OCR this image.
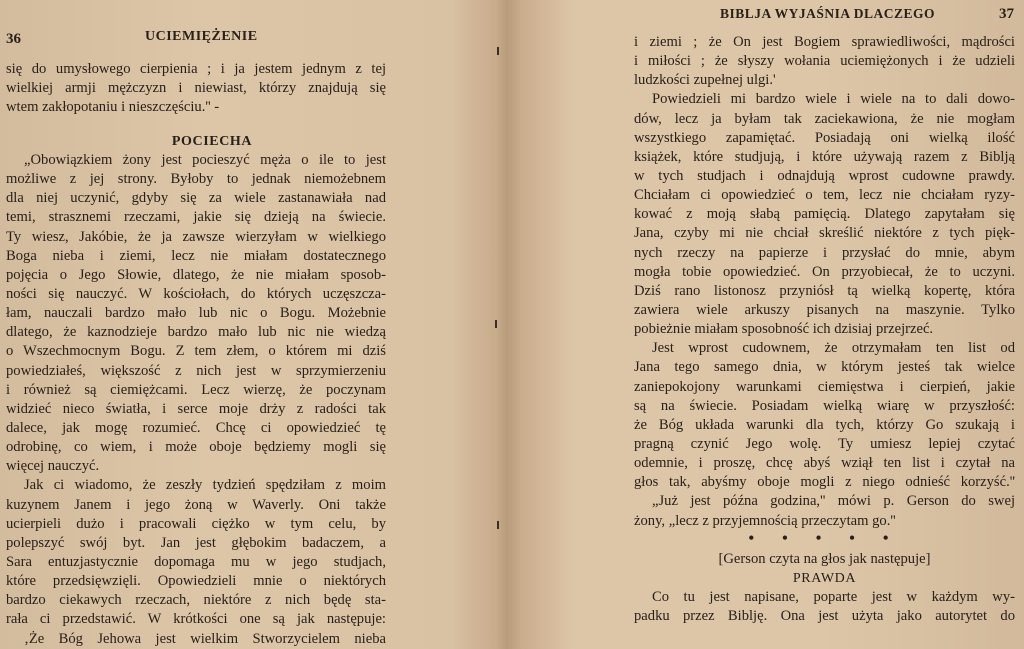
36	UCIEMIĘŻENIE
się do umysłowego cierpienia ; i ja jestem jednym z tej
wielkiej armji mężczyzn i niewiast, którzy znajdują się
wtem zakłopotaniu i nieszczęściu.'' -
POCIECHA
„Obowiązkiem żony jest pocieszyć męża o ile to jest
możliwe z jej strony. Byłoby to jednak niemożebnem
dla niej uczynić, gdyby się za wiele zastanawiała nad
temi, strasznemi rzeczami, jakie się dzieją na świecie.
Ty wiesz, Jakóbie, że ja zawsze wierzyłam w wielkiego
Boga nieba i ziemi, lecz nie miałam dostatecznego
pojęcia o Jego Słowie, dlatego, że nie miałam sposob-
ności się nauczyć. W kościołach, do których uczęszcza-
łam, nauczali bardzo mało lub nic o Bogu. Możebnie
dlatego, że kaznodzieje bardzo mało lub nic nie wiedzą
o Wszechmocnym Bogu. Z tem złem, o którem mi dziś
powiedziałeś, większość z nich jest w sprzymierzeniu
i również są ciemiężcami. Lecz wierzę, że poczynam
widzieć nieco światła, i serce moje drży z radości tak
dalece, jak mogę rozumieć. Chcę ci opowiedzieć tę
odrobinę, co wiem, i może oboje będziemy mogli się
więcej nauczyć.
Jak ci wiadomo, że zeszły tydzień spędziłam z moim
kuzynem Janem i jego żoną w Waverly. Oni także
ucierpieli dużo i pracowali ciężko w tym celu, by
polepszyć swój byt. Jan jest głębokim badaczem, a
Sara entuzjastycznie dopomaga mu w jego studjach,
które przedsięwzięli. Opowiedzieli mnie o niektórych
bardzo ciekawych rzeczach, niektóre z nich będę sta-
rała ci przedstawić. W krótkości one są jak następuje:
‚Że Bóg Jehowa jest wielkim Stworzycielem nieba
BIBLJA WYJAŚNIA DLACZEGO	37
i ziemi ; że On jest Bogiem sprawiedliwości, mądrości
i miłości ; że słyszy wołania uciemiężonych i że udzieli
ludzkości zupełnej ulgi.'
Powiedzieli mi bardzo wiele i wiele na to dali dowo-
dów, lecz ja byłam tak zaciekawiona, że nie mogłam
wszystkiego zapamiętać. Posiadają oni wielką ilość
książek, które studjują, i które używają razem z Biblją
w tych studjach i odnajdują wprost cudowne prawdy.
Chciałam ci opowiedzieć o tem, lecz nie chciałam ryzy-
kować z moją słabą pamięcią. Dlatego zapytałam się
Jana, czyby mi nie chciał skreślić niektóre z tych pięk-
nych rzeczy na papierze i przysłać do mnie, abym
mogła tobie opowiedzieć. On przyobiecał, że to uczyni.
Dziś rano listonosz przyniósł tą wielką kopertę, która
zawiera wiele arkuszy pisanych na maszynie. Tylko
pobieżnie miałam sposobność ich dzisiaj przejrzeć.
Jest wprost cudownem, że otrzymałam ten list od
Jana tego samego dnia, w którym jesteś tak wielce
zaniepokojony warunkami ciemięstwa i cierpień, jakie
są na świecie. Posiadam wielką wiarę w przyszłość:
że Bóg układa warunki dla tych, którzy Go szukają i
pragną czynić Jego wolę. Ty umiesz lepiej czytać
odemnie, i proszę, chcę abyś wziął ten list i czytał na
głos tak, abyśmy oboje mogli z niego odnieść korzyść.''
„Już jest późna godzina,'' mówi p. Gerson do swej
żony, „lecz z przyjemnością przeczytam go.''
• • • • •
[Gerson czyta na głos jak następuje]
PRAWDA
Co tu jest napisane, poparte jest w każdym wy-
padku przez Biblję. Ona jest użyta jako autorytet do
